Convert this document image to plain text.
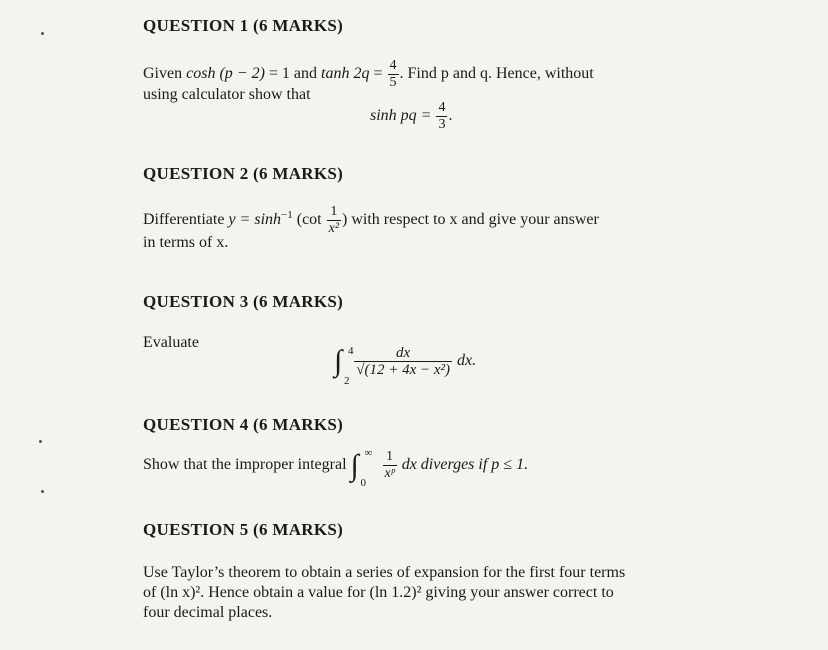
QUESTION 1 (6 MARKS)
Given cosh (p − 2) = 1 and $\tanh 2q = \frac{4}{5}$ . Find p and q. Hence, without
using calculator show that
sinh pq = $\frac{4}{3}$ .
QUESTION 2 (6 MARKS)
Differentiate $y = \sinh^{-1} (\cot \frac{1}{\text{x²}}$ ) with respect to x and give your answer
in terms of x.
QUESTION 3 (6 MARKS)
Evaluate
∫ 4
2
$\frac{dx}{\text{√(12 + 4x − x²)}}$ dx.
QUESTION 4 (6 MARKS)
Show that the improper integral ∫ ∞
0

$\frac{1}{\text{xᵖ}}$ dx diverges if p ≤ 1.
QUESTION 5 (6 MARKS)
Use Taylor’s theorem to obtain a series of expansion for the first four terms
of (ln x)². Hence obtain a value for (ln 1.2)² giving your answer correct to
four decimal places.
